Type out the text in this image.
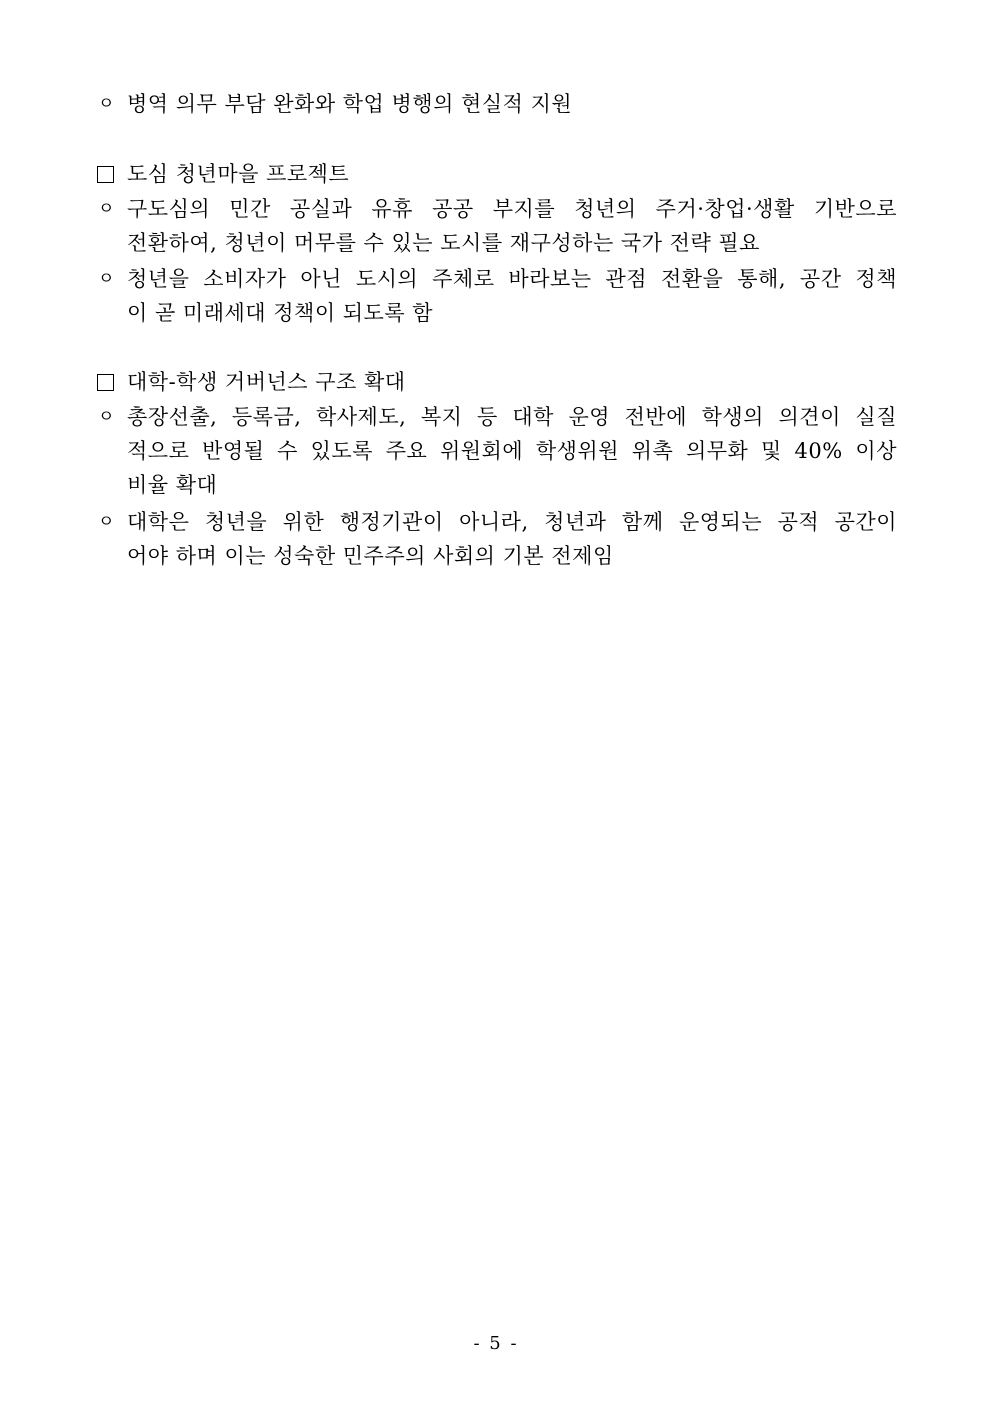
ㅇ 병역 의무 부담 완화와 학업 병행의 현실적 지원
도심 청년마을 프로젝트
ㅇ 구도심의 민간 공실과 유휴 공공 부지를 청년의 주거·창업·생활 기반으로
전환하여, 청년이 머무를 수 있는 도시를 재구성하는 국가 전략 필요
ㅇ 청년을 소비자가 아닌 도시의 주체로 바라보는 관점 전환을 통해, 공간 정책
이 곧 미래세대 정책이 되도록 함
대학-학생 거버넌스 구조 확대
ㅇ 총장선출, 등록금, 학사제도, 복지 등 대학 운영 전반에 학생의 의견이 실질
적으로 반영될 수 있도록 주요 위원회에 학생위원 위촉 의무화 및 40% 이상
비율 확대
ㅇ 대학은 청년을 위한 행정기관이 아니라, 청년과 함께 운영되는 공적 공간이
어야 하며 이는 성숙한 민주주의 사회의 기본 전제임
- 5 -
